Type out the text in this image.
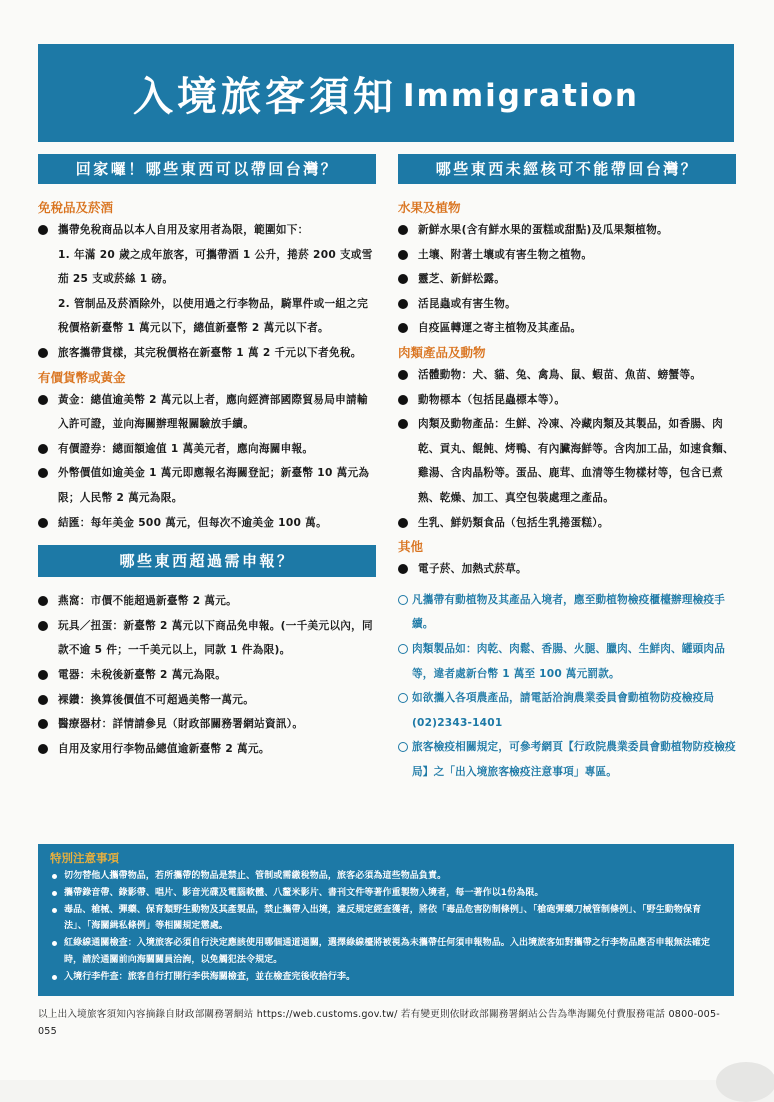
入境旅客須知 Immigration
回家囉！哪些東西可以帶回台灣？
免稅品及菸酒
攜帶免稅商品以本人自用及家用者為限，範圍如下：
1. 年滿 20 歲之成年旅客，可攜帶酒 1 公升，捲菸 200 支或雪茄 25 支或菸絲 1 磅。
2. 管制品及菸酒除外，以使用過之行李物品，騎單件或一組之完稅價格新臺幣 1 萬元以下，總值新臺幣 2 萬元以下者。
旅客攜帶貨樣，其完稅價格在新臺幣 1 萬 2 千元以下者免稅。
有價貨幣或黃金
黃金：總值逾美幣 2 萬元以上者，應向經濟部國際貿易局申請輸入許可證，並向海關辦理報關驗放手續。
有價證券：總面額逾值 1 萬美元者，應向海關申報。
外幣價值如逾美金 1 萬元即應報名海關登記；新臺幣 10 萬元為限；人民幣 2 萬元為限。
結匯：每年美金 500 萬元，但每次不逾美金 100 萬。
哪些東西超過需申報？
燕窩：市價不能超過新臺幣 2 萬元。
玩具／扭蛋：新臺幣 2 萬元以下商品免申報。(一千美元以內，同款不逾 5 件；一千美元以上，同款 1 件為限)。
電器：未稅後新臺幣 2 萬元為限。
裸鑽：換算後價值不可超過美幣一萬元。
醫療器材：詳情請參見（財政部關務署網站資訊）。
自用及家用行李物品總值逾新臺幣 2 萬元。
哪些東西未經核可不能帶回台灣？
水果及植物
新鮮水果(含有鮮水果的蛋糕或甜點)及瓜果類植物。
土壤、附著土壤或有害生物之植物。
靈芝、新鮮松露。
活昆蟲或有害生物。
自疫區轉運之寄主植物及其產品。
肉類產品及動物
活體動物：犬、貓、兔、禽鳥、鼠、蝦苗、魚苗、螃蟹等。
動物標本（包括昆蟲標本等）。
肉類及動物產品：生鮮、冷凍、冷藏肉類及其製品，如香腸、肉乾、貢丸、餛飩、烤鴨、有內臟海鮮等。含肉加工品，如速食麵、雞湯、含肉晶粉等。蛋品、鹿茸、血清等生物樣材等，包含已煮熟、乾燥、加工、真空包裝處理之產品。
生乳、鮮奶類食品（包括生乳捲蛋糕）。
其他
電子菸、加熱式菸草。
凡攜帶有動植物及其產品入境者，應至動植物檢疫櫃檯辦理檢疫手續。
肉類製品如：肉乾、肉鬆、香腸、火腿、臘肉、生鮮肉、罐頭肉品等，違者處新台幣 1 萬至 100 萬元罰款。
如欲攜入各項農產品，請電話洽詢農業委員會動植物防疫檢疫局 (02)2343-1401
旅客檢疫相關規定，可參考網頁【行政院農業委員會動植物防疫檢疫局】之「出入境旅客檢疫注意事項」專區。
特別注意事項
切勿替他人攜帶物品，若所攜帶的物品是禁止、管制或需繳稅物品，旅客必須為這些物品負責。
攜帶錄音帶、錄影帶、唱片、影音光碟及電腦軟體、八釐米影片、書刊文件等著作重製物入境者，每一著作以1份為限。
毒品、槍械、彈藥、保育類野生動物及其產製品，禁止攜帶入出境，違反規定經查獲者，將依「毒品危害防制條例」、「槍砲彈藥刀械管制條例」、「野生動物保育法」、「海關緝私條例」等相關規定懲處。
紅綠線通關檢查：入境旅客必須自行決定應該使用哪個通道通關，選擇綠線檯將被視為未攜帶任何須申報物品。入出境旅客如對攜帶之行李物品應否申報無法確定時，請於通關前向海關關員洽詢，以免觸犯法令規定。
入境行李件查：旅客自行打開行李供海關檢查，並在檢查完後收拾行李。
以上出入境旅客須知內容摘錄自財政部關務署網站 https://web.customs.gov.tw/ 若有變更則依財政部關務署網站公告為準海關免付費服務電話 0800-005-055
